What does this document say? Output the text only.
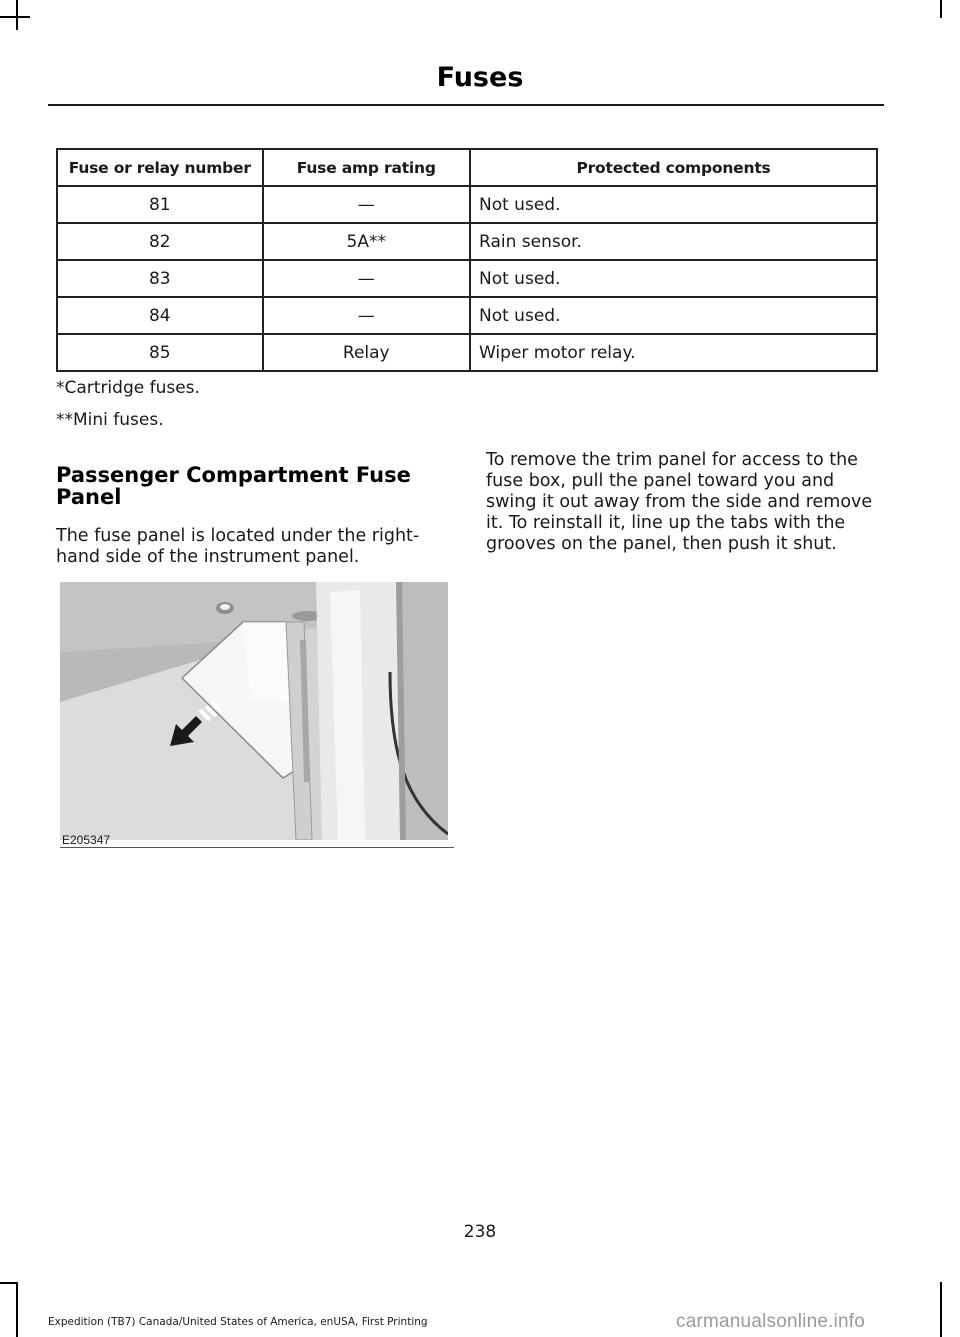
Fuses
Fuse or relay number	Fuse amp rating	Protected components
81	—	Not used.
82	5A**	Rain sensor.
83	—	Not used.
84	—	Not used.
85	Relay	Wiper motor relay.
*Cartridge fuses.
**Mini fuses.
Passenger Compartment Fuse Panel
The fuse panel is located under the right-hand side of the instrument panel.
To remove the trim panel for access to the fuse box, pull the panel toward you and swing it out away from the side and remove it. To reinstall it, line up the tabs with the grooves on the panel, then push it shut.
E205347
238
Expedition (TB7) Canada/United States of America, enUSA, First Printing	carmanualsonline.info
